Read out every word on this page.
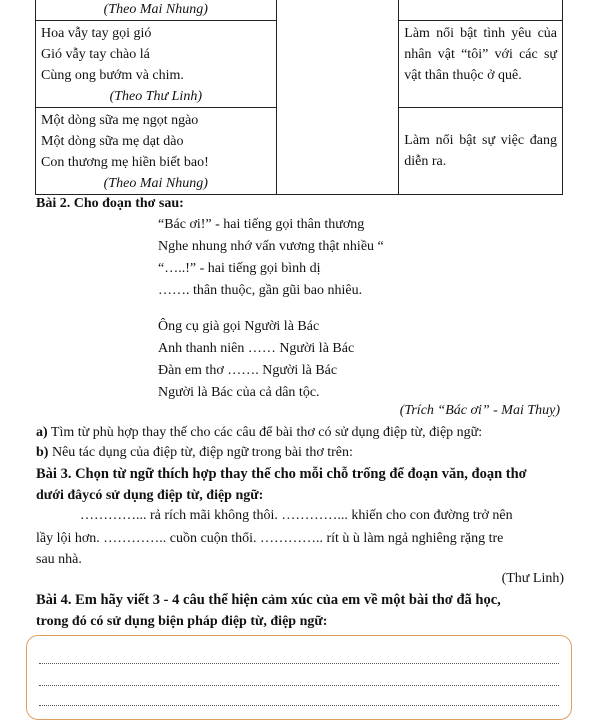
(Theo Mai Nhung)		

Hoa vẫy tay gọi gió
Gió vẫy tay chào lá
Cùng ong bướm và chim.
(Theo Thư Linh)		Làm nổi bật tình yêu của nhân vật “tôi” với các sự vật thân thuộc ở quê.

Một dòng sữa mẹ ngọt ngào
Một dòng sữa mẹ dạt dào
Con thương mẹ hiền biết bao!
(Theo Mai Nhung)		Làm nổi bật sự việc đang diễn ra.
Bài 2. Cho đoạn thơ sau:
“Bác ơi!” - hai tiếng gọi thân thương
Nghe nhung nhớ vấn vương thật nhiều “
“…..!” - hai tiếng gọi bình dị
……. thân thuộc, gần gũi bao nhiêu.
Ông cụ già gọi Người là Bác
Anh thanh niên …… Người là Bác
Đàn em thơ ……. Người là Bác
Người là Bác của cả dân tộc.
(Trích “Bác ơi” - Mai Thuỵ)
a) Tìm từ phù hợp thay thế cho các câu để bài thơ có sử dụng điệp từ, điệp ngữ:
b) Nêu tác dụng của điệp từ, điệp ngữ trong bài thơ trên:
Bài 3. Chọn từ ngữ thích hợp thay thế cho mỗi chỗ trống để đoạn văn, đoạn thơ
dưới đâycó sử dụng điệp từ, điệp ngữ:
…………... rả rích mãi không thôi. …………... khiến cho con đường trở nên
lầy lội hơn. ………….. cuồn cuộn thổi. ………….. rít ù ù làm ngả nghiêng rặng tre
sau nhà.
(Thư Linh)
Bài 4. Em hãy viết 3 - 4 câu thể hiện cảm xúc của em về một bài thơ đã học,
trong đó có sử dụng biện pháp điệp từ, điệp ngữ:
